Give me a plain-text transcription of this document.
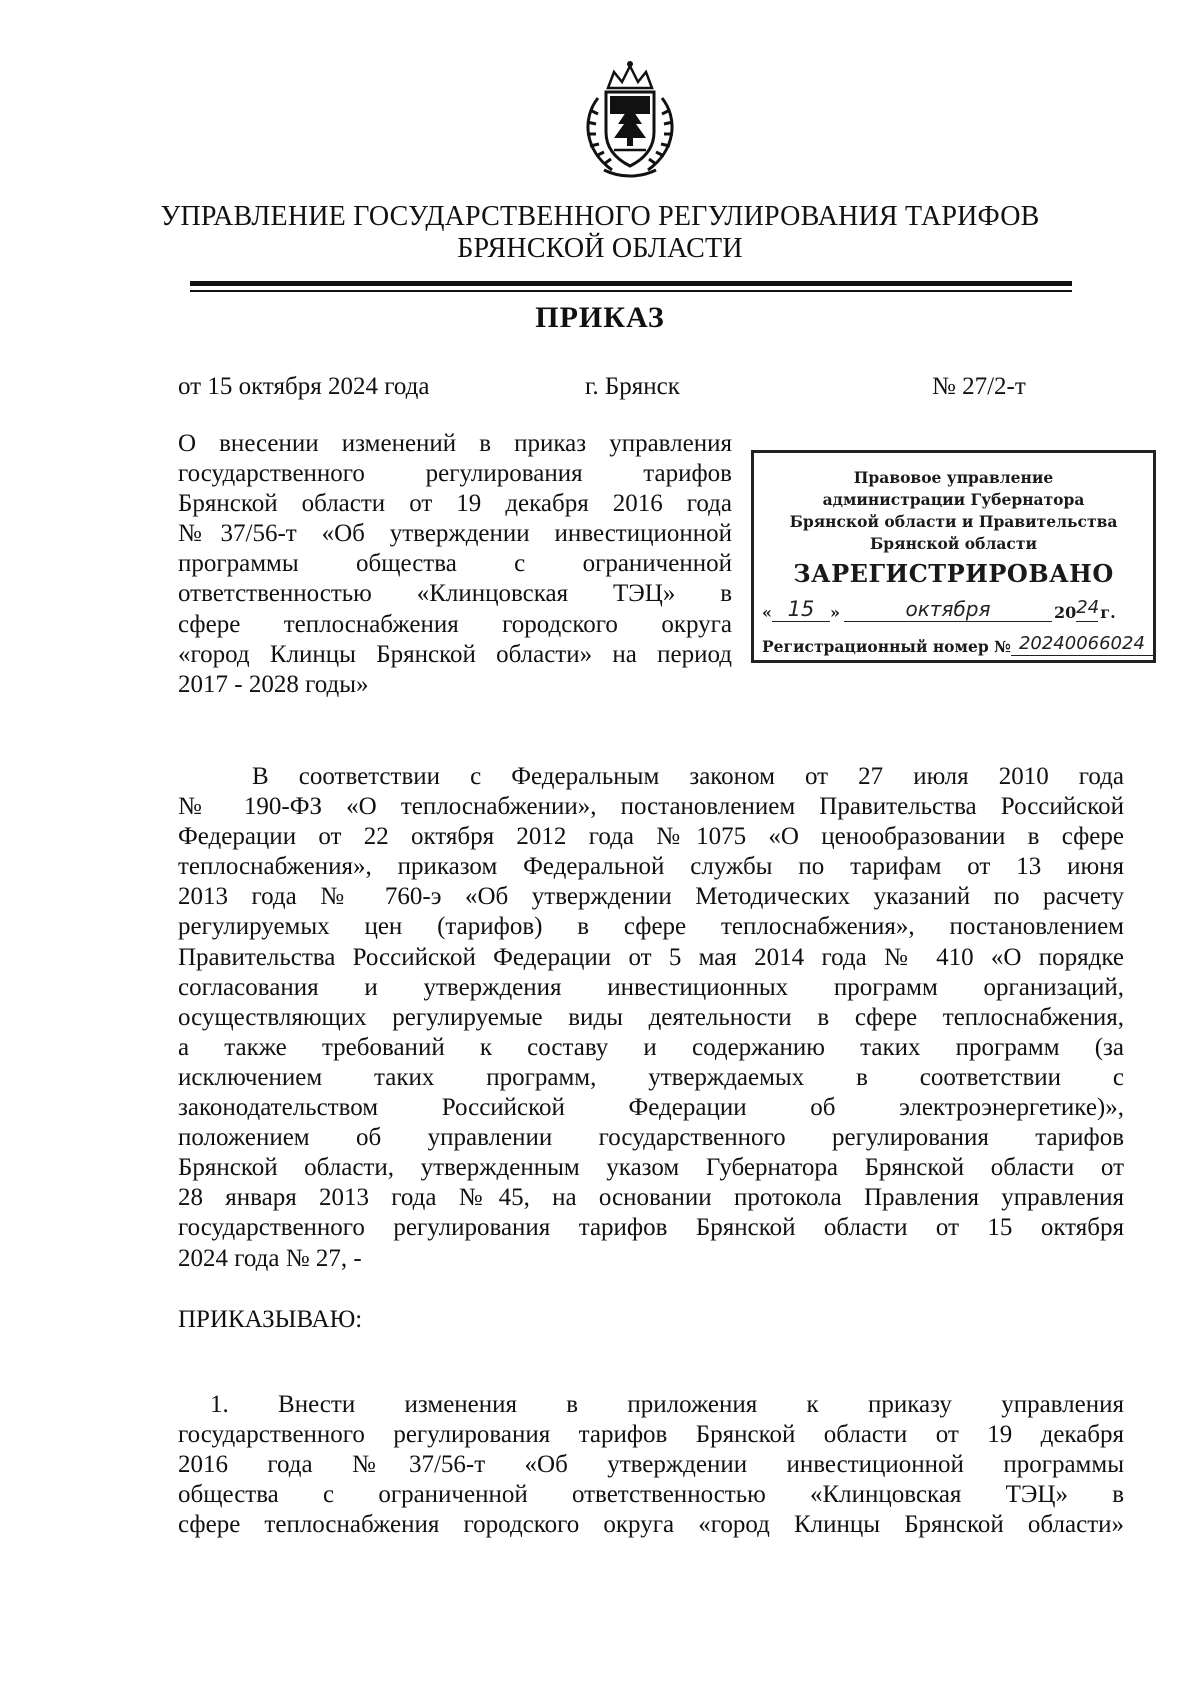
УПРАВЛЕНИЕ ГОСУДАРСТВЕННОГО РЕГУЛИРОВАНИЯ ТАРИФОВ
БРЯНСКОЙ ОБЛАСТИ
ПРИКАЗ
от 15 октября 2024 года	г. Брянск	№ 27/2-т
О внесении изменений в приказ управления
государственного регулирования тарифов
Брянской области от 19 декабря 2016 года
№37/56-т «Об утверждении инвестиционной
программы общества с ограниченной
ответственностью «Клинцовская ТЭЦ» в
сфере теплоснабжения городского округа
«город Клинцы Брянской области» на период
2017 - 2028 годы»
Правовое управление
администрации Губернатора
Брянской области и Правительства
Брянской области
ЗАРЕГИСТРИРОВАНО
« 15 »	октября	2024г.
Регистрационный номер № 20240066024
В соответствии с Федеральным законом от 27 июля 2010 года
№ 190-ФЗ «О теплоснабжении», постановлением Правительства Российской
Федерации от 22 октября 2012 года №1075 «О ценообразовании в сфере
теплоснабжения», приказом Федеральной службы по тарифам от 13 июня
2013 года № 760-э «Об утверждении Методических указаний по расчету
регулируемых цен (тарифов) в сфере теплоснабжения», постановлением
Правительства Российской Федерации от 5 мая 2014 года № 410 «О порядке
согласования и утверждения инвестиционных программ организаций,
осуществляющих регулируемые виды деятельности в сфере теплоснабжения,
а также требований к составу и содержанию таких программ (за
исключением таких программ, утверждаемых в соответствии с
законодательством Российской Федерации об электроэнергетике)»,
положением об управлении государственного регулирования тарифов
Брянской области, утвержденным указом Губернатора Брянской области от
28 января 2013 года №45, на основании протокола Правления управления
государственного регулирования тарифов Брянской области от 15 октября
2024 года № 27, -
ПРИКАЗЫВАЮ:
1. Внести изменения в приложения к приказу управления
государственного регулирования тарифов Брянской области от 19 декабря
2016 года №37/56-т «Об утверждении инвестиционной программы
общества с ограниченной ответственностью «Клинцовская ТЭЦ» в
сфере теплоснабжения городского округа «город Клинцы Брянской области»
